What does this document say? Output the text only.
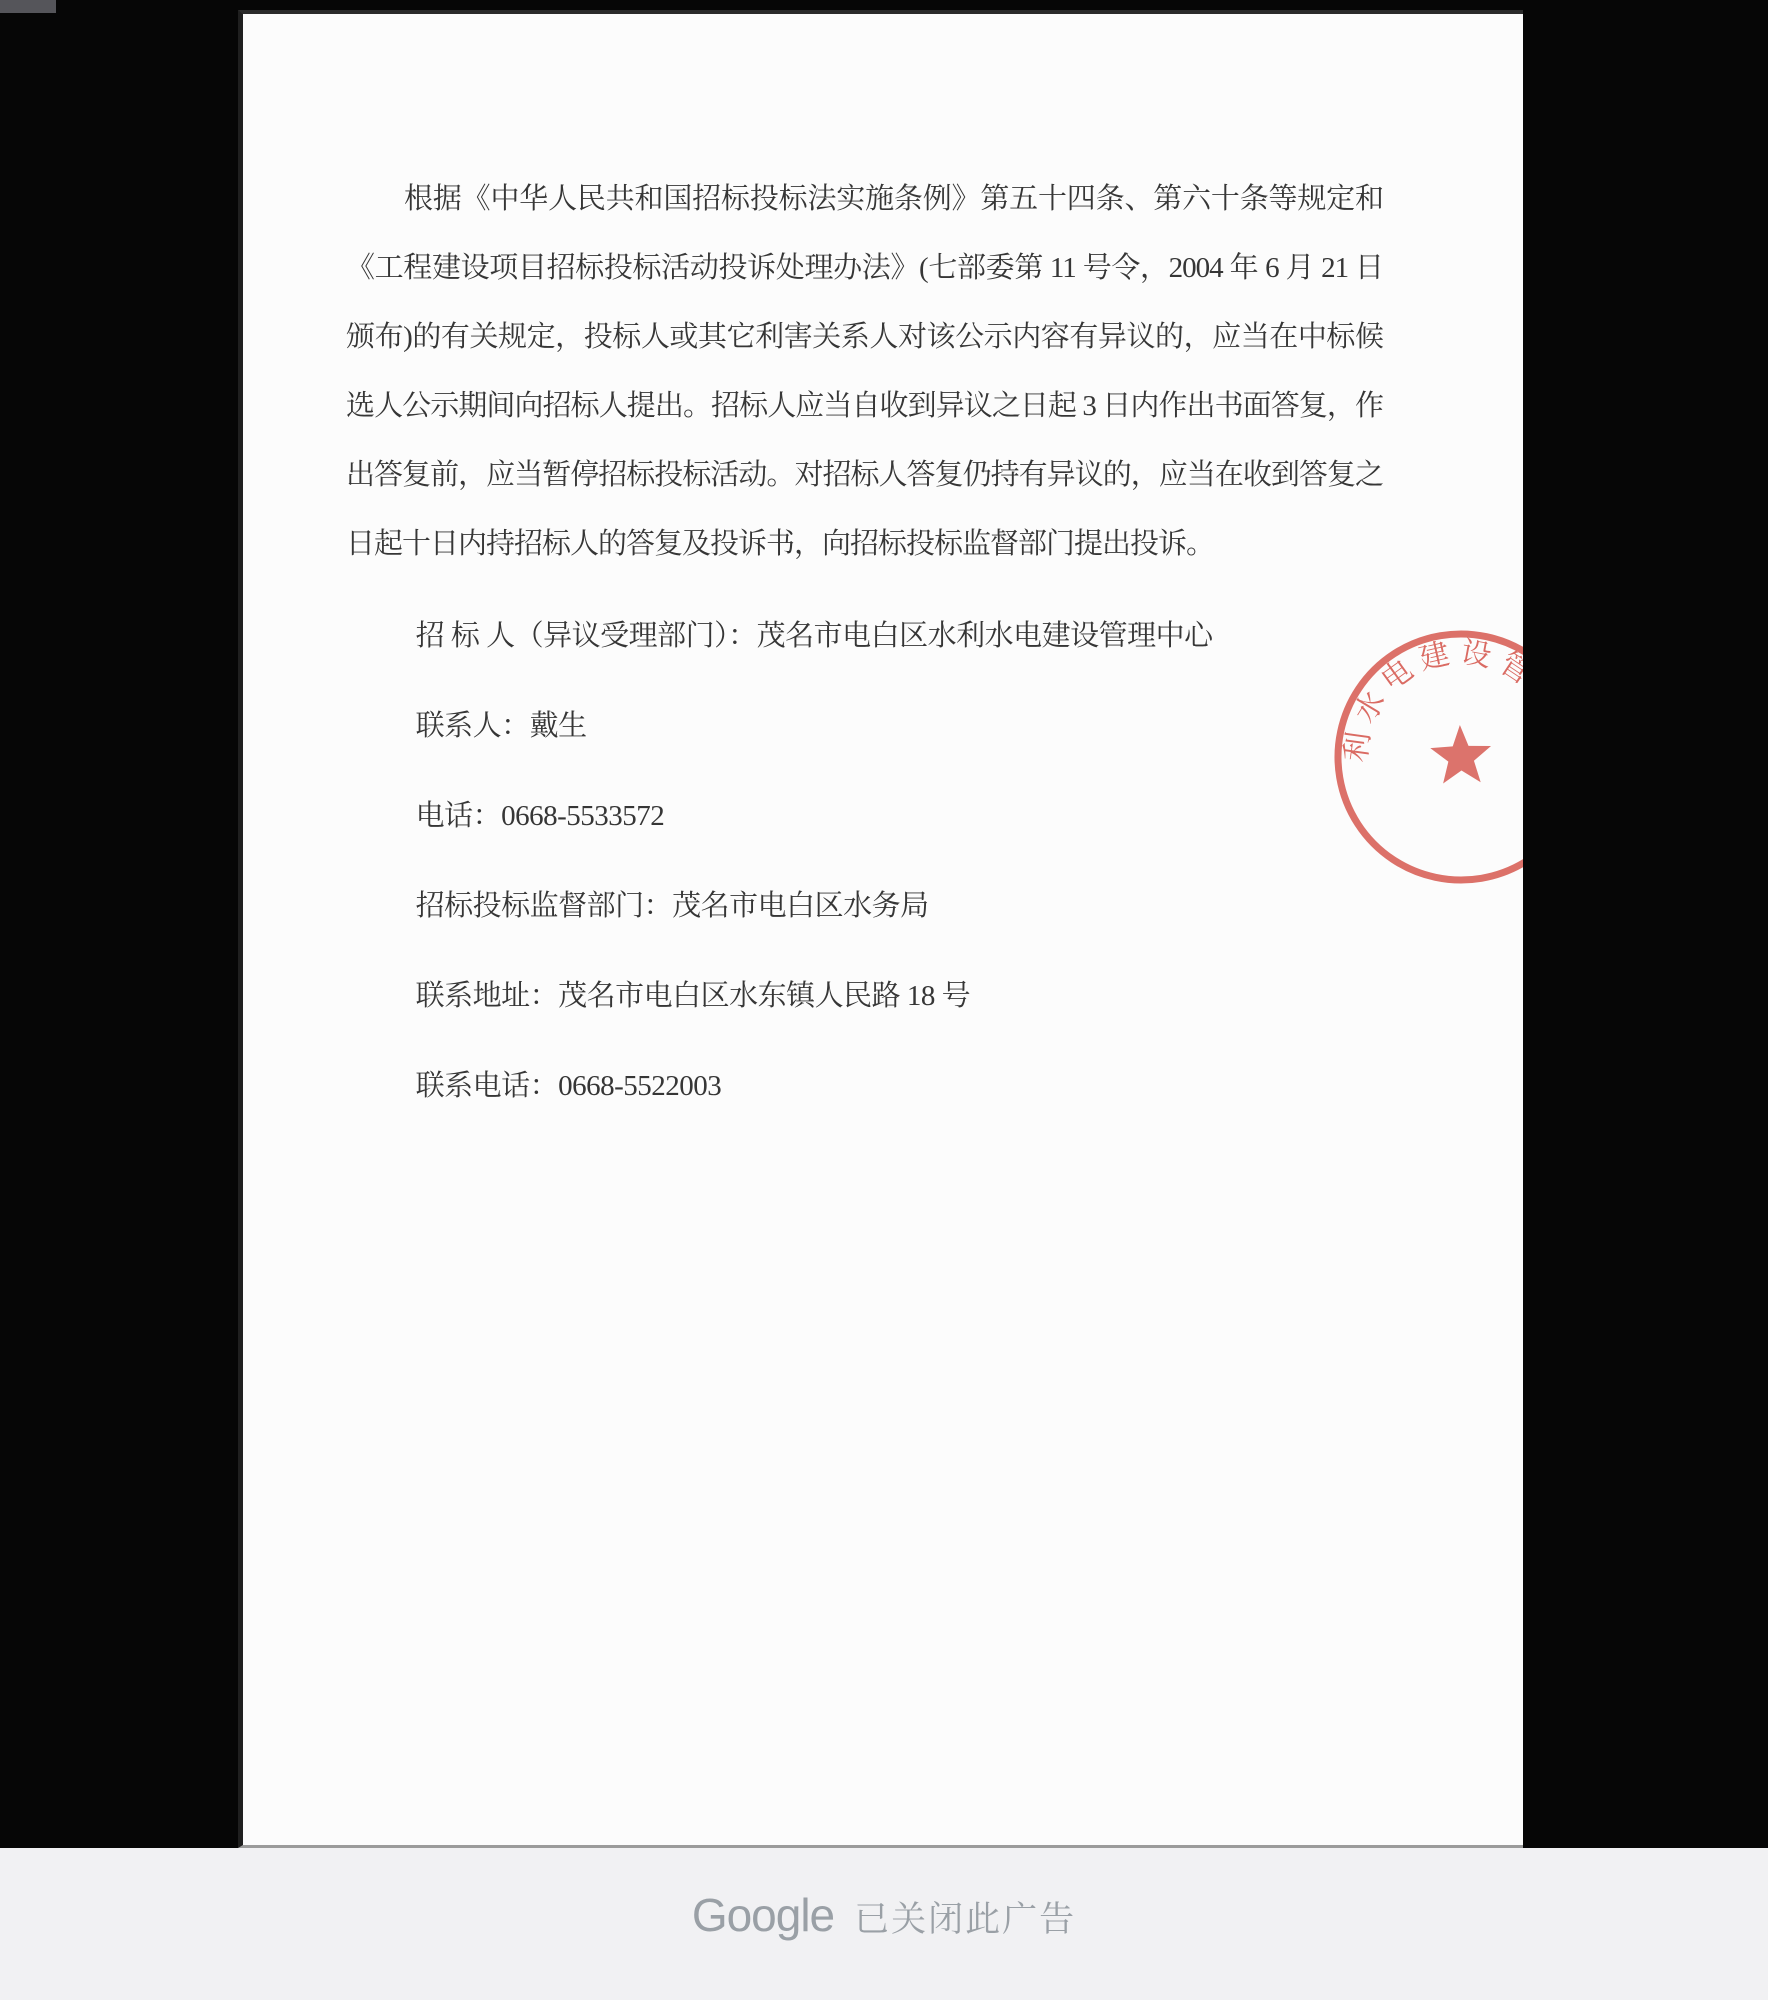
根据《中华人民共和国招标投标法实施条例》第五十四条、第六十条等规定和《工程建设项目招标投标活动投诉处理办法》(七部委第 11 号令，2004 年 6 月 21 日颁布)的有关规定，投标人或其它利害关系人对该公示内容有异议的，应当在中标候选人公示期间向招标人提出。招标人应当自收到异议之日起 3 日内作出书面答复，作出答复前，应当暂停招标投标活动。对招标人答复仍持有异议的，应当在收到答复之日起十日内持招标人的答复及投诉书，向招标投标监督部门提出投诉。

招 标 人（异议受理部门）：茂名市电白区水利水电建设管理中心
联系人：戴生
电话：0668-5533572
招标投标监督部门：茂名市电白区水务局
联系地址：茂名市电白区水东镇人民路 18 号
联系电话：0668-5522003
利水电建设管理中心
Google 已关闭此广告
